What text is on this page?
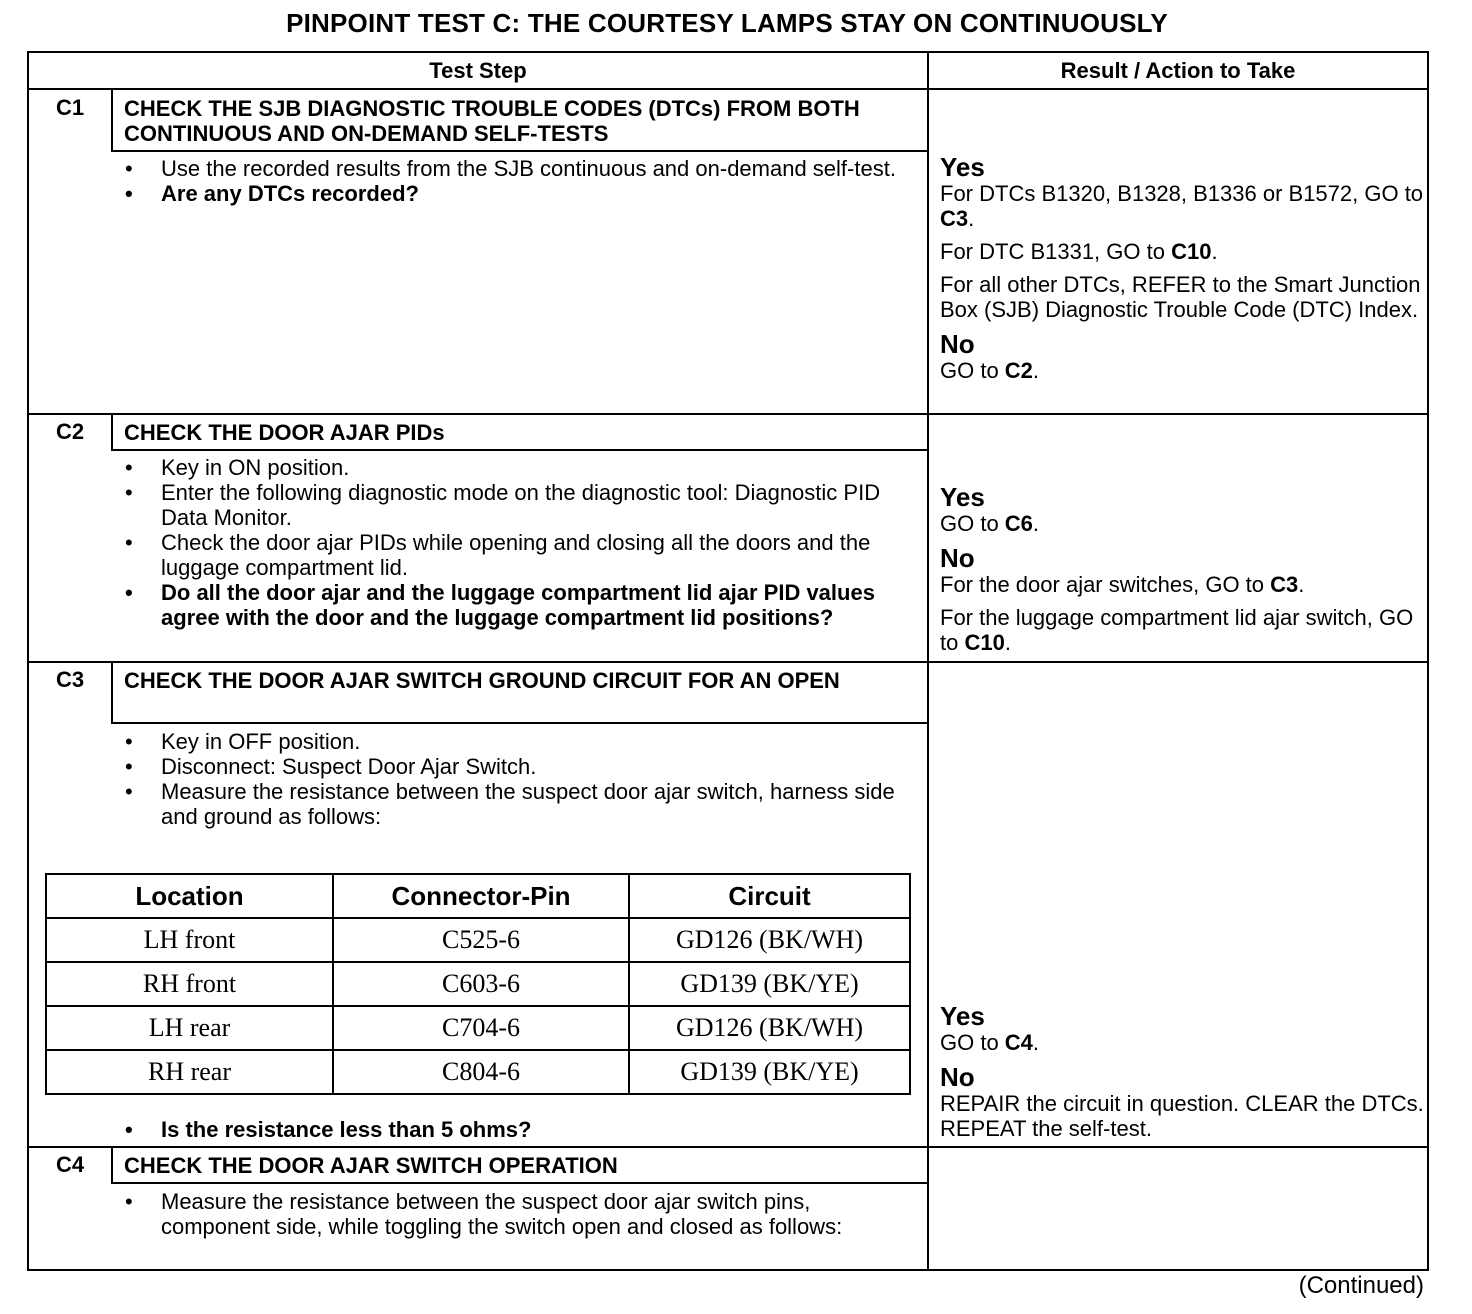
PINPOINT TEST C: THE COURTESY LAMPS STAY ON CONTINUOUSLY
Test Step	Result / Action to Take
C1	CHECK THE SJB DIAGNOSTIC TROUBLE CODES (DTCs) FROM BOTH CONTINUOUS AND ON-DEMAND SELF-TESTS
• Use the recorded results from the SJB continuous and on-demand self-test.
• Are any DTCs recorded?
Yes

For DTCs B1320, B1328, B1336 or B1572, GO to C3.

For DTC B1331, GO to C10.

For all other DTCs, REFER to the Smart Junction Box (SJB) Diagnostic Trouble Code (DTC) Index.

No

GO to C2.

C2	CHECK THE DOOR AJAR PIDs
• Key in ON position.
• Enter the following diagnostic mode on the diagnostic tool: Diagnostic PID Data Monitor.
• Check the door ajar PIDs while opening and closing all the doors and the luggage compartment lid.
• Do all the door ajar and the luggage compartment lid ajar PID values agree with the door and the luggage compartment lid positions?
Yes

GO to C6.

No

For the door ajar switches, GO to C3.

For the luggage compartment lid ajar switch, GO to C10.

C3	CHECK THE DOOR AJAR SWITCH GROUND CIRCUIT FOR AN OPEN
• Key in OFF position.
• Disconnect: Suspect Door Ajar Switch.
• Measure the resistance between the suspect door ajar switch, harness side and ground as follows:
Location	Connector-Pin	Circuit
LH front	C525-6	GD126 (BK/WH)
RH front	C603-6	GD139 (BK/YE)
LH rear	C704-6	GD126 (BK/WH)
RH rear	C804-6	GD139 (BK/YE)
• Is the resistance less than 5 ohms?
Yes

GO to C4.

No

REPAIR the circuit in question. CLEAR the DTCs. REPEAT the self-test.

C4	CHECK THE DOOR AJAR SWITCH OPERATION
• Measure the resistance between the suspect door ajar switch pins, component side, while toggling the switch open and closed as follows:
(Continued)
